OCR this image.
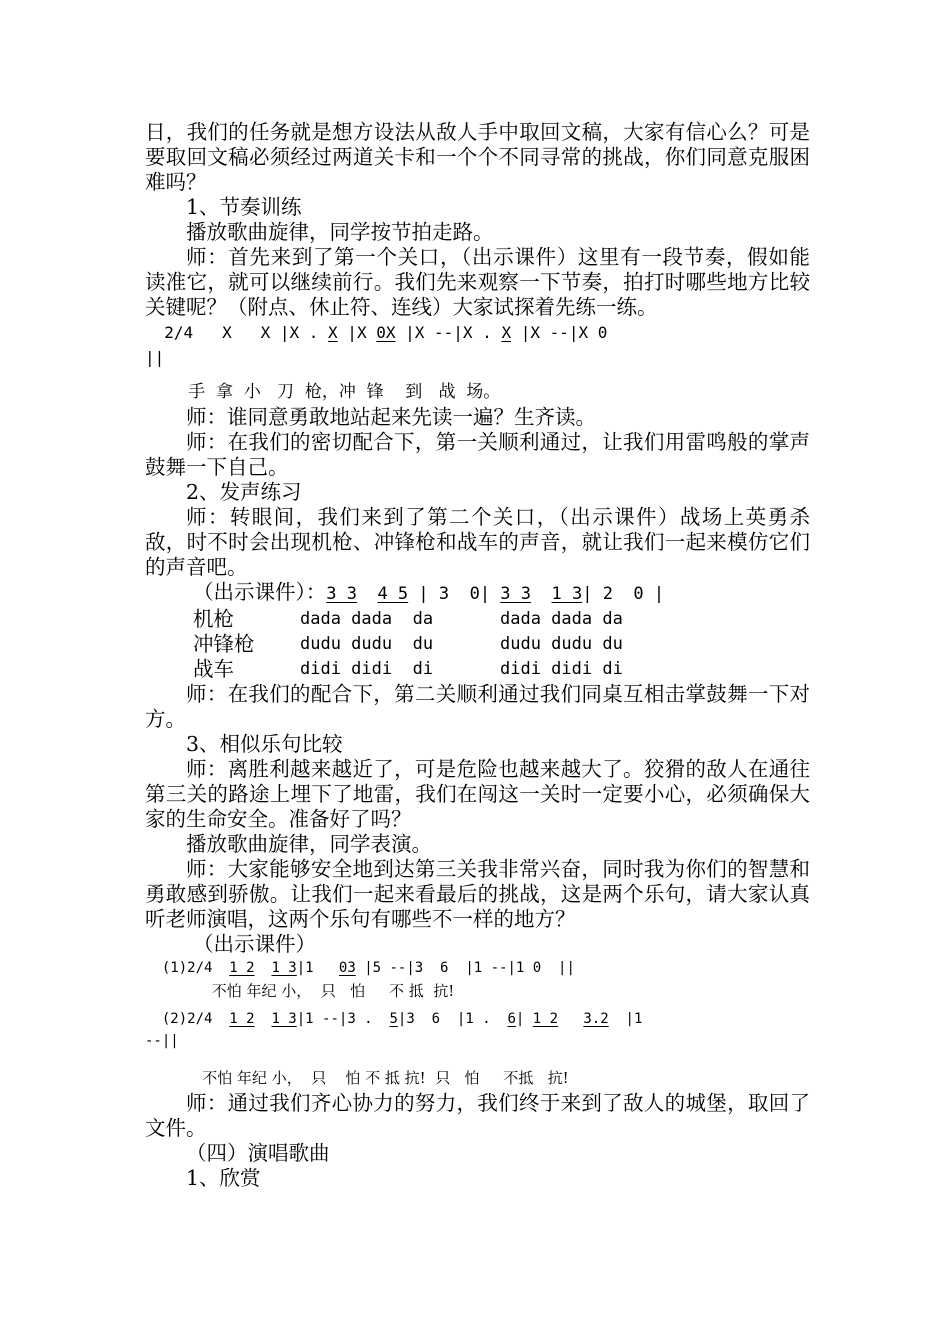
日，我们的任务就是想方设法从敌人手中取回文稿，大家有信心么？可是要取回文稿必须经过两道关卡和一个个不同寻常的挑战，你们同意克服困难吗？

1、节奏训练

播放歌曲旋律，同学按节拍走路。

师：首先来到了第一个关口，（出示课件）这里有一段节奏，假如能读准它，就可以继续前行。我们先来观察一下节奏，拍打时哪些地方比较关键呢？（附点、休止符、连线）大家试探着先练一练。

2/4   X   X |X . X |X 0X |X --|X . X |X --|X 0

||

手  拿  小   刀  枪，冲  锋    到   战  场。

师：谁同意勇敢地站起来先读一遍？生齐读。

师：在我们的密切配合下，第一关顺利通过，让我们用雷鸣般的掌声鼓舞一下自己。

2、发声练习

师：转眼间，我们来到了第二个关口，（出示课件）战场上英勇杀敌，时不时会出现机枪、冲锋枪和战车的声音，就让我们一起来模仿它们的声音吧。

（出示课件）：3 3 4 5 | 3  0| 3 3 1 3| 2  0 |

机枪	dada dada  da	dada dada da
冲锋枪	dudu dudu  du	dudu dudu du
战车	didi didi  di	didi didi di

师：在我们的配合下，第二关顺利通过我们同桌互相击掌鼓舞一下对方。

3、相似乐句比较

师：离胜利越来越近了，可是危险也越来越大了。狡猾的敌人在通往第三关的路途上埋下了地雷，我们在闯这一关时一定要小心，必须确保大家的生命安全。准备好了吗？

播放歌曲旋律，同学表演。

师：大家能够安全地到达第三关我非常兴奋，同时我为你们的智慧和勇敢感到骄傲。让我们一起来看最后的挑战，这是两个乐句，请大家认真听老师演唱，这两个乐句有哪些不一样的地方？

（出示课件）

(1)2/4  1 2 1 3|1   03 |5 --|3  6  |1 --|1 0  ||

不怕 年纪 小，  只   怕     不 抵  抗!

(2)2/4  1 2 1 3|1 --|3 .  5|3  6  |1 .  6| 1 2 3.2  |1

--||

不怕 年纪 小，  只    怕 不 抵 抗!  只   怕     不抵   抗!

师：通过我们齐心协力的努力，我们终于来到了敌人的城堡，取回了文件。

（四）演唱歌曲

1、欣赏
